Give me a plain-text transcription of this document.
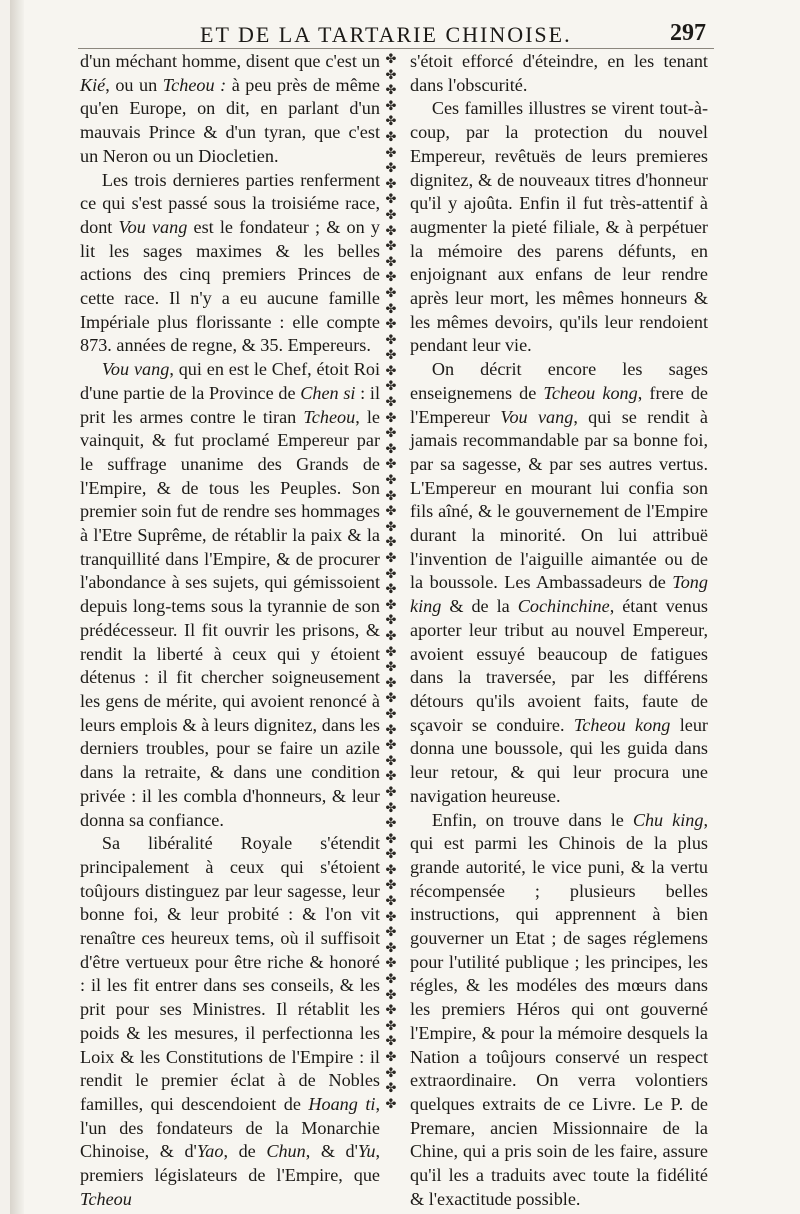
ET DE LA TARTARIE CHINOISE.	297

d'un méchant homme, disent que c'est un Kié, ou un Tcheou : à peu près de même qu'en Europe, on dit, en parlant d'un mauvais Prince & d'un tyran, que c'est un Neron ou un Diocletien.

Les trois dernieres parties renferment ce qui s'est passé sous la troisiéme race, dont Vou vang est le fondateur ; & on y lit les sages maximes & les belles actions des cinq premiers Princes de cette race. Il n'y a eu aucune famille Impériale plus florissante : elle compte 873. années de regne, & 35. Empereurs.

Vou vang, qui en est le Chef, étoit Roi d'une partie de la Province de Chen si : il prit les armes contre le tiran Tcheou, le vainquit, & fut proclamé Empereur par le suffrage unanime des Grands de l'Empire, & de tous les Peuples. Son premier soin fut de rendre ses hommages à l'Etre Suprême, de rétablir la paix & la tranquillité dans l'Empire, & de procurer l'abondance à ses sujets, qui gémissoient depuis long-tems sous la tyrannie de son prédécesseur. Il fit ouvrir les prisons, & rendit la liberté à ceux qui y étoient détenus : il fit chercher soigneusement les gens de mérite, qui avoient renoncé à leurs emplois & à leurs dignitez, dans les derniers troubles, pour se faire un azile dans la retraite, & dans une condition privée : il les combla d'honneurs, & leur donna sa confiance.

Sa libéralité Royale s'étendit principalement à ceux qui s'étoient toûjours distinguez par leur sagesse, leur bonne foi, & leur probité : & l'on vit renaître ces heureux tems, où il suffisoit d'être vertueux pour être riche & honoré : il les fit entrer dans ses conseils, & les prit pour ses Ministres. Il rétablit les poids & les mesures, il perfectionna les Loix & les Constitutions de l'Empire : il rendit le premier éclat à de Nobles familles, qui descendoient de Hoang ti, l'un des fondateurs de la Monarchie Chinoise, & d'Yao, de Chun, & d'Yu, premiers législateurs de l'Empire, que Tcheou

✤✤✤✤✤✤✤✤✤✤✤✤✤✤✤✤✤✤✤✤✤✤✤✤✤✤✤✤✤✤✤✤✤✤✤✤✤✤✤✤✤✤✤✤✤✤✤✤✤✤✤✤✤✤✤✤✤✤✤✤✤✤✤✤✤✤✤✤

s'étoit efforcé d'éteindre, en les tenant dans l'obscurité.

Ces familles illustres se virent tout-à-coup, par la protection du nouvel Empereur, revêtuës de leurs premieres dignitez, & de nouveaux titres d'honneur qu'il y ajoûta. Enfin il fut très-attentif à augmenter la pieté filiale, & à perpétuer la mémoire des parens défunts, en enjoignant aux enfans de leur rendre après leur mort, les mêmes honneurs & les mêmes devoirs, qu'ils leur rendoient pendant leur vie.

On décrit encore les sages enseignemens de Tcheou kong, frere de l'Empereur Vou vang, qui se rendit à jamais recommandable par sa bonne foi, par sa sagesse, & par ses autres vertus. L'Empereur en mourant lui confia son fils aîné, & le gouvernement de l'Empire durant la minorité. On lui attribuë l'invention de l'aiguille aimantée ou de la boussole. Les Ambassadeurs de Tong king & de la Cochinchine, étant venus aporter leur tribut au nouvel Empereur, avoient essuyé beaucoup de fatigues dans la traversée, par les différens détours qu'ils avoient faits, faute de sçavoir se conduire. Tcheou kong leur donna une boussole, qui les guida dans leur retour, & qui leur procura une navigation heureuse.

Enfin, on trouve dans le Chu king, qui est parmi les Chinois de la plus grande autorité, le vice puni, & la vertu récompensée ; plusieurs belles instructions, qui apprennent à bien gouverner un Etat ; de sages réglemens pour l'utilité publique ; les principes, les régles, & les modéles des mœurs dans les premiers Héros qui ont gouverné l'Empire, & pour la mémoire desquels la Nation a toûjours conservé un respect extraordinaire. On verra volontiers quelques extraits de ce Livre. Le P. de Premare, ancien Missionnaire de la Chine, qui a pris soin de les faire, assure qu'il les a traduits avec toute la fidélité & l'exactitude possible.
